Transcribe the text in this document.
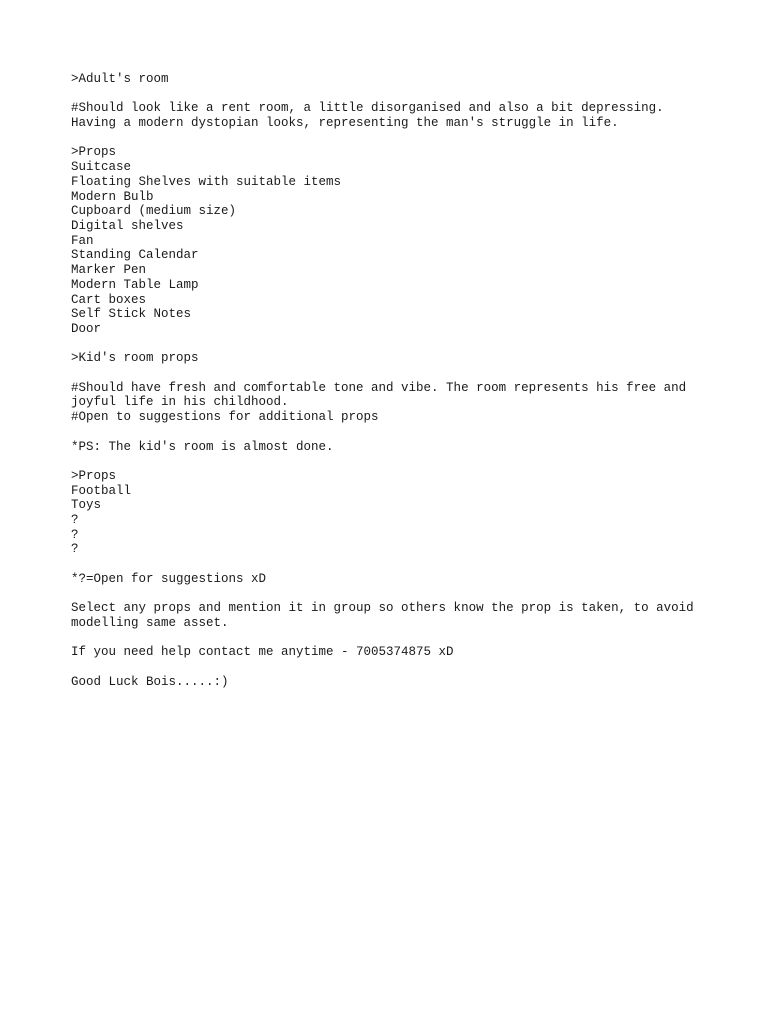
>Adult's room
#Should look like a rent room, a little disorganised and also a bit depressing.
Having a modern dystopian looks, representing the man's struggle in life.
>Props
Suitcase
Floating Shelves with suitable items
Modern Bulb
Cupboard (medium size)
Digital shelves
Fan
Standing Calendar
Marker Pen
Modern Table Lamp
Cart boxes
Self Stick Notes
Door
>Kid's room props
#Should have fresh and comfortable tone and vibe. The room represents his free and
joyful life in his childhood.
#Open to suggestions for additional props
*PS: The kid's room is almost done.
>Props
Football
Toys
?
?
?
*?=Open for suggestions xD
Select any props and mention it in group so others know the prop is taken, to avoid
modelling same asset.
If you need help contact me anytime - 7005374875 xD
Good Luck Bois.....:)
